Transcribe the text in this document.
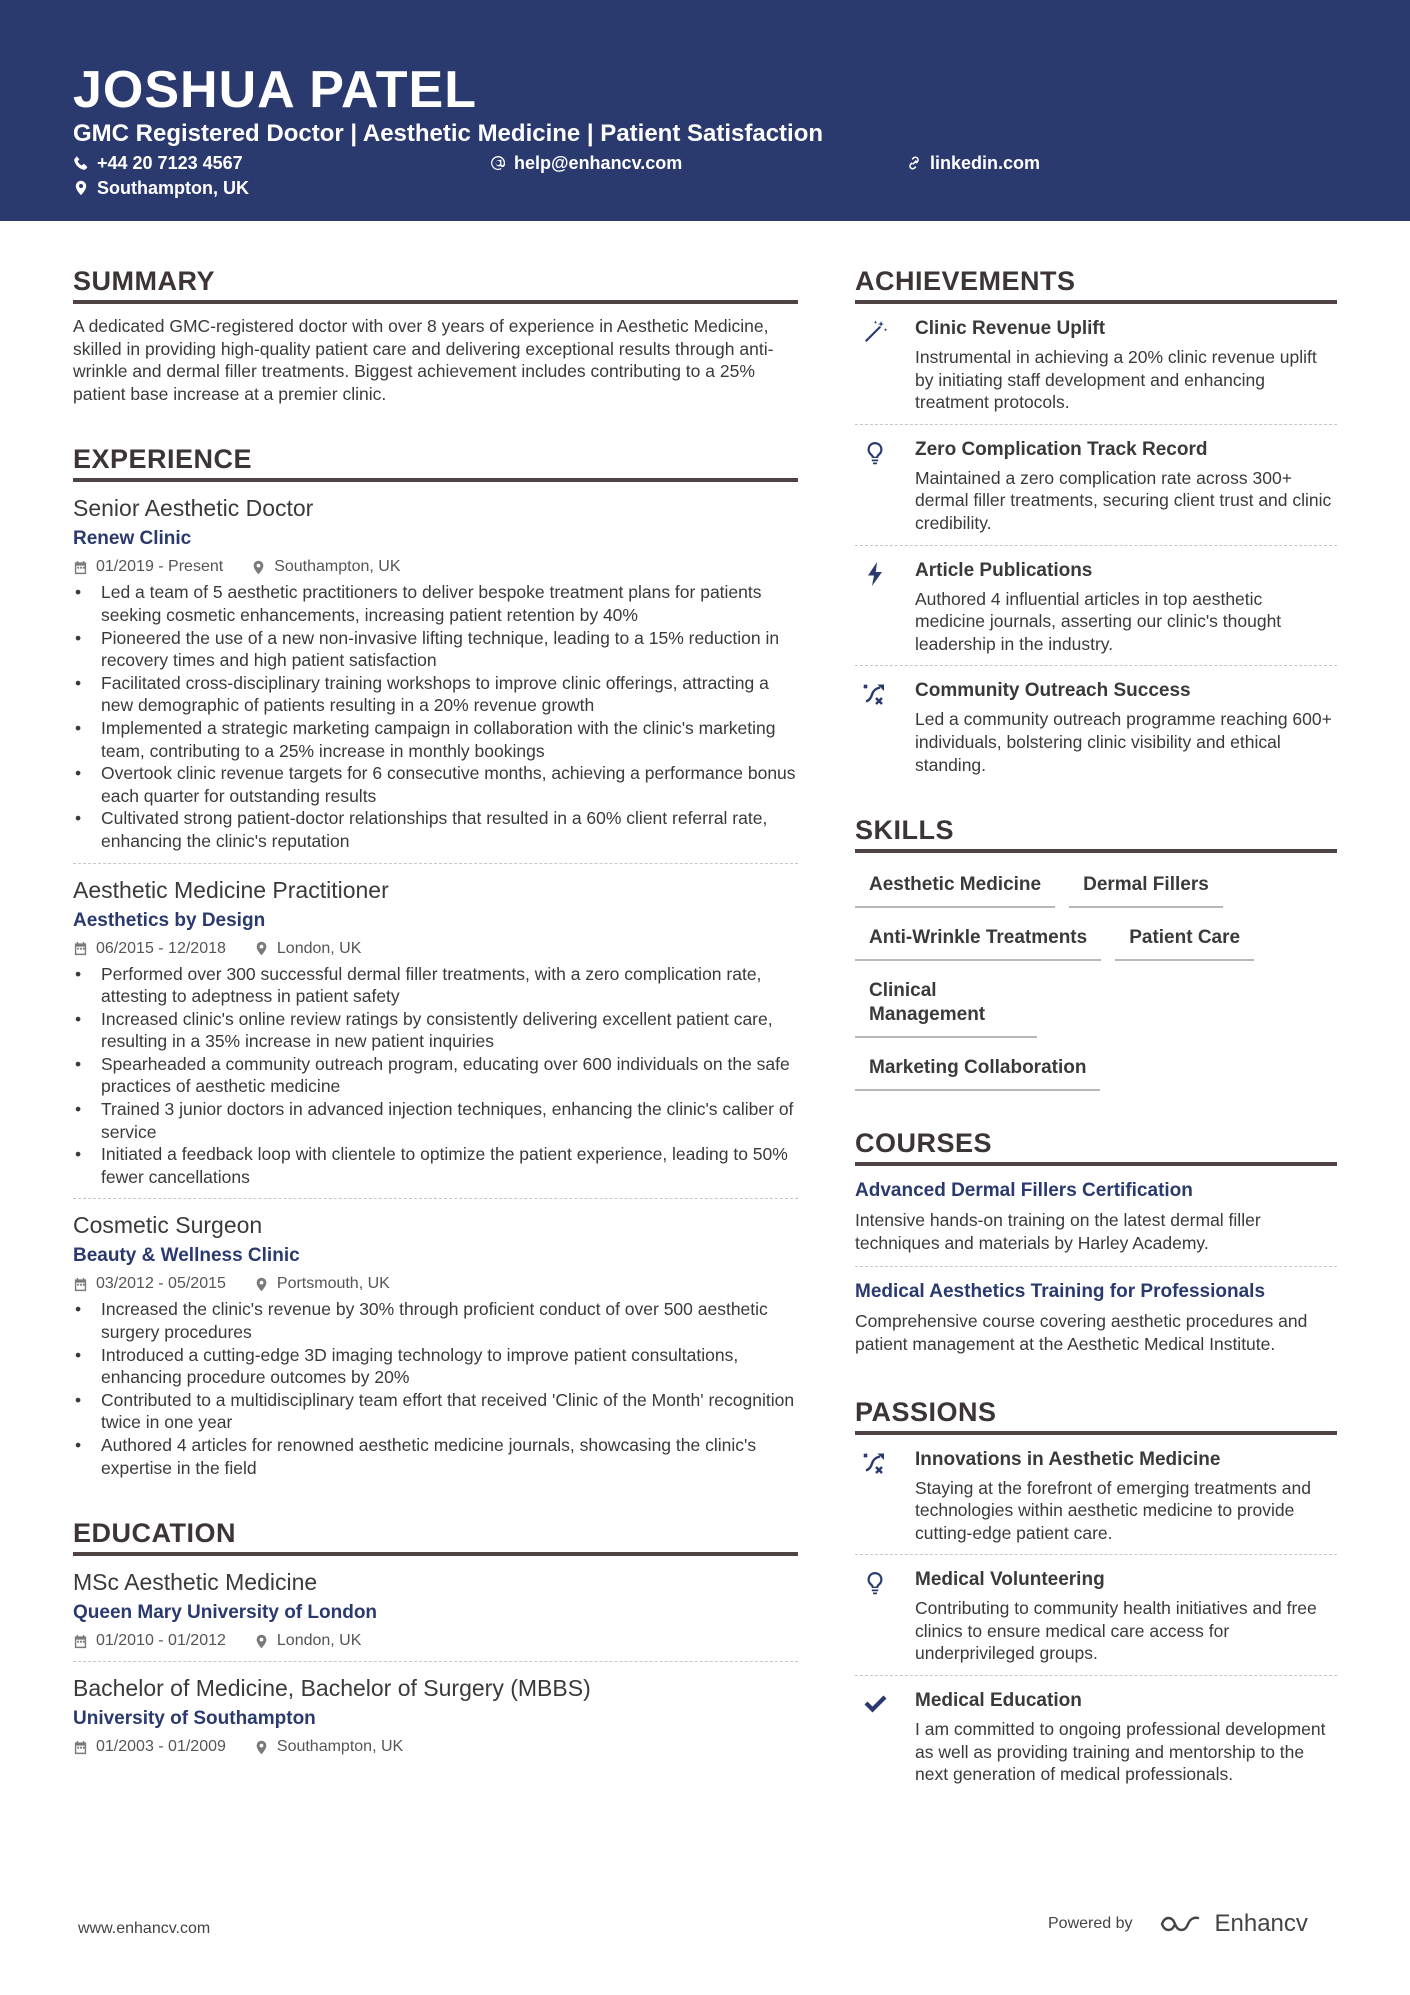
JOSHUA PATEL
GMC Registered Doctor | Aesthetic Medicine | Patient Satisfaction
+44 20 7123 4567	help@enhancv.com	linkedin.com
Southampton, UK
SUMMARY
A dedicated GMC-registered doctor with over 8 years of experience in Aesthetic Medicine, skilled in providing high-quality patient care and delivering exceptional results through anti-wrinkle and dermal filler treatments. Biggest achievement includes contributing to a 25% patient base increase at a premier clinic.
EXPERIENCE
Senior Aesthetic Doctor
Renew Clinic
01/2019 - Present	Southampton, UK
• Led a team of 5 aesthetic practitioners to deliver bespoke treatment plans for patients seeking cosmetic enhancements, increasing patient retention by 40%
• Pioneered the use of a new non-invasive lifting technique, leading to a 15% reduction in recovery times and high patient satisfaction
• Facilitated cross-disciplinary training workshops to improve clinic offerings, attracting a new demographic of patients resulting in a 20% revenue growth
• Implemented a strategic marketing campaign in collaboration with the clinic's marketing team, contributing to a 25% increase in monthly bookings
• Overtook clinic revenue targets for 6 consecutive months, achieving a performance bonus each quarter for outstanding results
• Cultivated strong patient-doctor relationships that resulted in a 60% client referral rate, enhancing the clinic's reputation
Aesthetic Medicine Practitioner
Aesthetics by Design
06/2015 - 12/2018	London, UK
• Performed over 300 successful dermal filler treatments, with a zero complication rate, attesting to adeptness in patient safety
• Increased clinic's online review ratings by consistently delivering excellent patient care, resulting in a 35% increase in new patient inquiries
• Spearheaded a community outreach program, educating over 600 individuals on the safe practices of aesthetic medicine
• Trained 3 junior doctors in advanced injection techniques, enhancing the clinic's caliber of service
• Initiated a feedback loop with clientele to optimize the patient experience, leading to 50% fewer cancellations
Cosmetic Surgeon
Beauty & Wellness Clinic
03/2012 - 05/2015	Portsmouth, UK
• Increased the clinic's revenue by 30% through proficient conduct of over 500 aesthetic surgery procedures
• Introduced a cutting-edge 3D imaging technology to improve patient consultations, enhancing procedure outcomes by 20%
• Contributed to a multidisciplinary team effort that received 'Clinic of the Month' recognition twice in one year
• Authored 4 articles for renowned aesthetic medicine journals, showcasing the clinic's expertise in the field
EDUCATION
MSc Aesthetic Medicine
Queen Mary University of London
01/2010 - 01/2012	London, UK
Bachelor of Medicine, Bachelor of Surgery (MBBS)
University of Southampton
01/2003 - 01/2009	Southampton, UK
ACHIEVEMENTS
Clinic Revenue Uplift
Instrumental in achieving a 20% clinic revenue uplift by initiating staff development and enhancing treatment protocols.
Zero Complication Track Record
Maintained a zero complication rate across 300+ dermal filler treatments, securing client trust and clinic credibility.
Article Publications
Authored 4 influential articles in top aesthetic medicine journals, asserting our clinic's thought leadership in the industry.
Community Outreach Success
Led a community outreach programme reaching 600+ individuals, bolstering clinic visibility and ethical standing.
SKILLS
Aesthetic Medicine	Dermal Fillers
Anti-Wrinkle Treatments	Patient Care
Clinical Management
Marketing Collaboration
COURSES
Advanced Dermal Fillers Certification
Intensive hands-on training on the latest dermal filler techniques and materials by Harley Academy.
Medical Aesthetics Training for Professionals
Comprehensive course covering aesthetic procedures and patient management at the Aesthetic Medical Institute.
PASSIONS
Innovations in Aesthetic Medicine
Staying at the forefront of emerging treatments and technologies within aesthetic medicine to provide cutting-edge patient care.
Medical Volunteering
Contributing to community health initiatives and free clinics to ensure medical care access for underprivileged groups.
Medical Education
I am committed to ongoing professional development as well as providing training and mentorship to the next generation of medical professionals.
www.enhancv.com	Powered by	Enhancv
